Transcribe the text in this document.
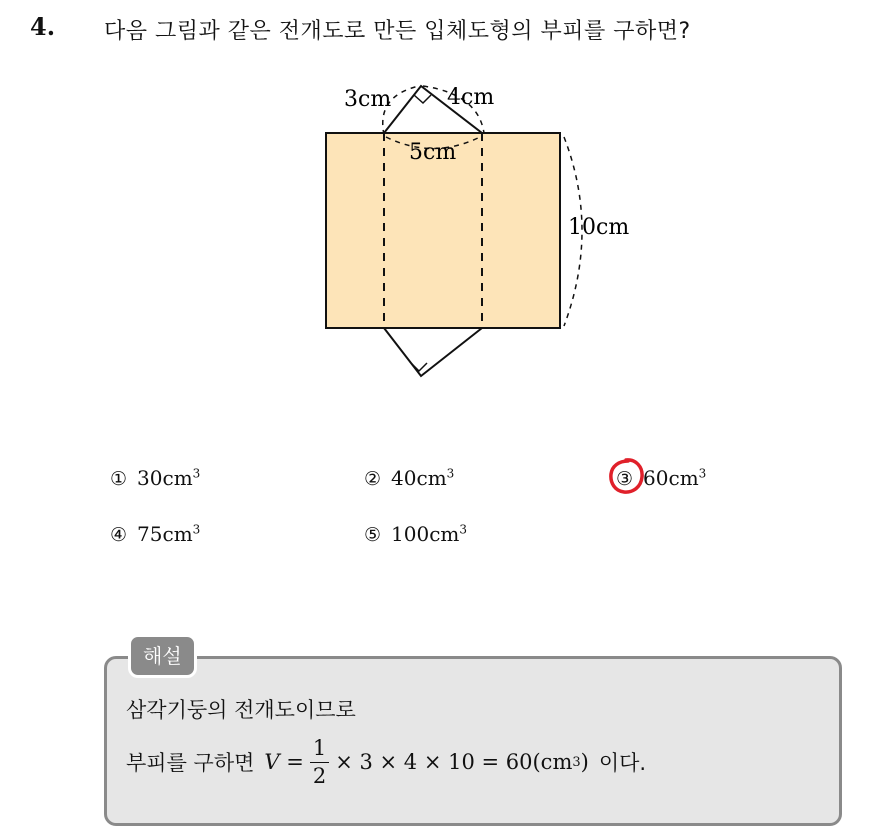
4. 다음 그림과 같은 전개도로 만든 입체도형의 부피를 구하면?
3cm	4cm
5cm
10cm
① $30cm^3$	② $40cm^3$	③ $60cm^3$
④ $75cm^3$	⑤ $100cm^3$
해설
삼각기둥의 전개도이므로
부피를 구하면 $V = \frac{1}{2} \times 3 \times 4 \times 10 = 60(cm$ 3 ) 이다.
